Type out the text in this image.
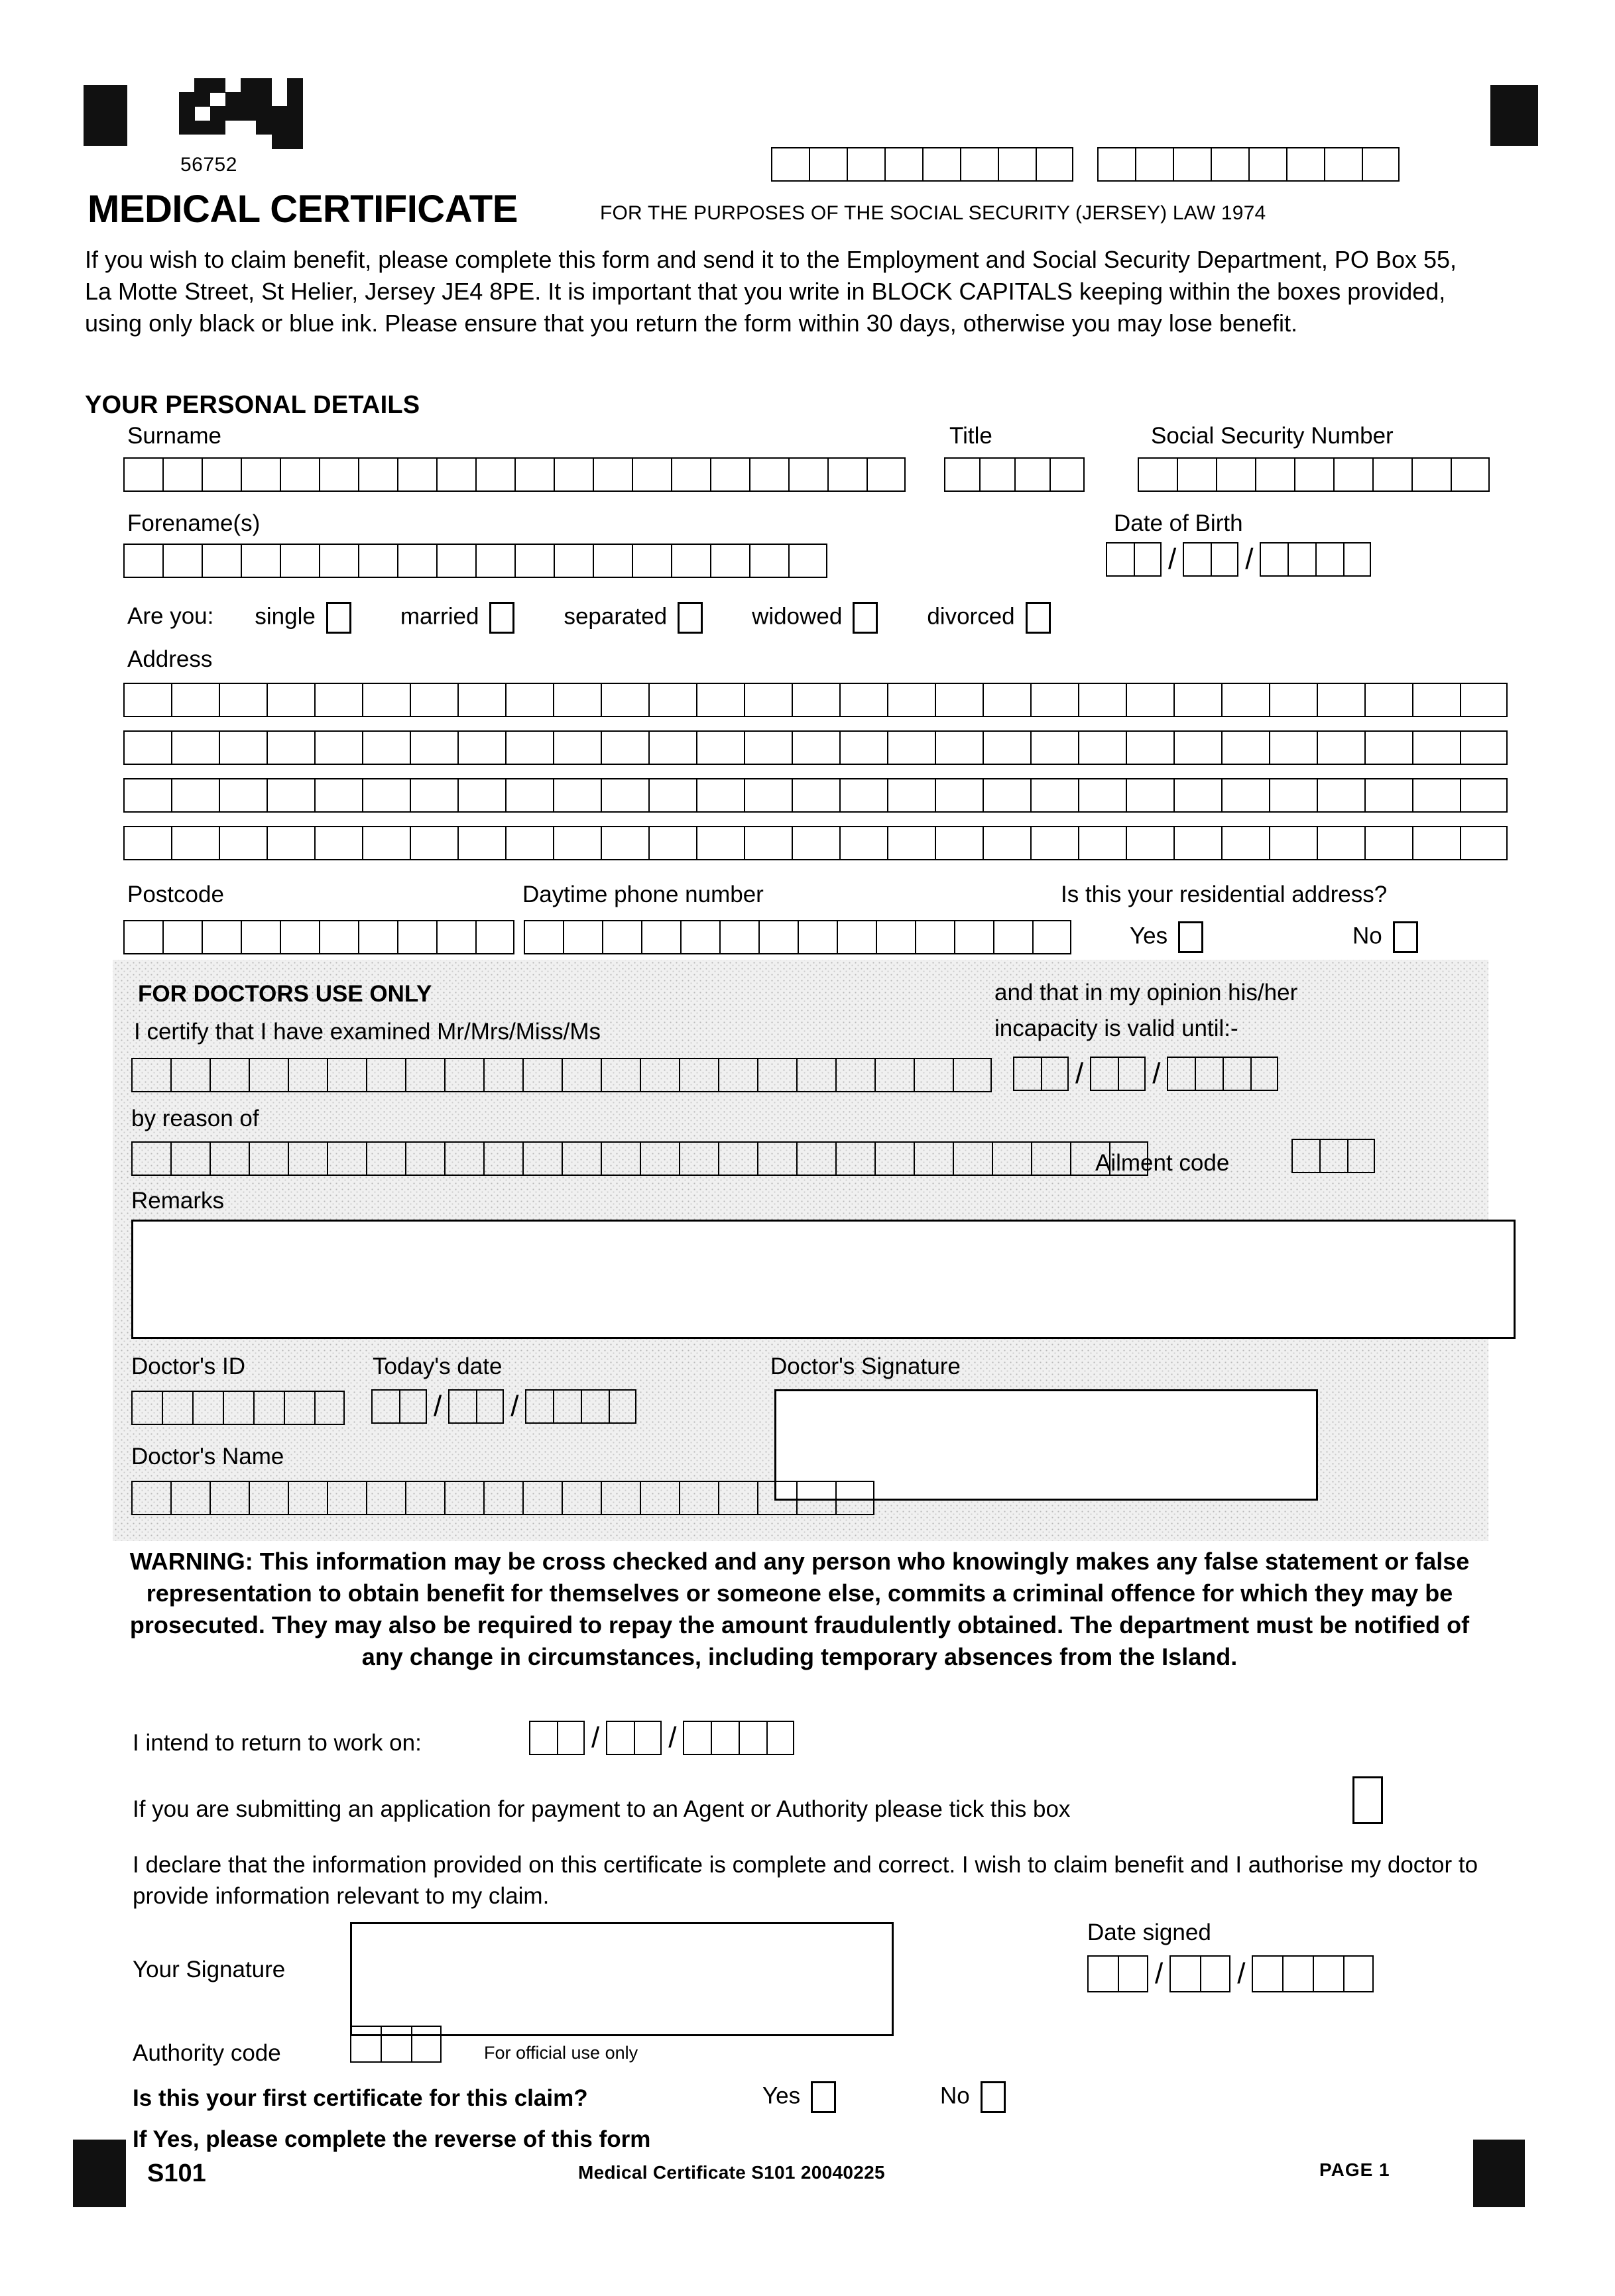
56752
MEDICAL CERTIFICATE	FOR THE PURPOSES OF THE SOCIAL SECURITY (JERSEY) LAW 1974
If you wish to claim benefit, please complete this form and send it to the Employment and Social Security Department, PO Box 55, La Motte Street, St Helier, Jersey JE4 8PE. It is important that you write in BLOCK CAPITALS keeping within the boxes provided, using only black or blue ink. Please ensure that you return the form within 30 days, otherwise you may lose benefit.
YOUR PERSONAL DETAILS
Surname	Title	Social Security Number
Forename(s)	Date of Birth
/ /
Are you: single	married	separated	widowed	divorced
Address
Postcode	Daytime phone number	Is this your residential address?
Yes	No
FOR DOCTORS USE ONLY
I certify that I have examined Mr/Mrs/Miss/Ms
and that in my opinion his/her
incapacity is valid until:-
/ /
by reason of
Ailment code
Remarks
Doctor's ID	Today's date	Doctor's Signature
/ /
Doctor's Name
WARNING: This information may be cross checked and any person who knowingly makes any false statement or false representation to obtain benefit for themselves or someone else, commits a criminal offence for which they may be prosecuted. They may also be required to repay the amount fraudulently obtained. The department must be notified of any change in circumstances, including temporary absences from the Island.
I intend to return to work on:	/ /
If you are submitting an application for payment to an Agent or Authority please tick this box
I declare that the information provided on this certificate is complete and correct. I wish to claim benefit and I authorise my doctor to provide information relevant to my claim.
Your Signature
Date signed
/	/
Authority code	For official use only
Is this your first certificate for this claim?	Yes	No
If Yes, please complete the reverse of this form
S101	Medical Certificate S101 20040225	PAGE 1
